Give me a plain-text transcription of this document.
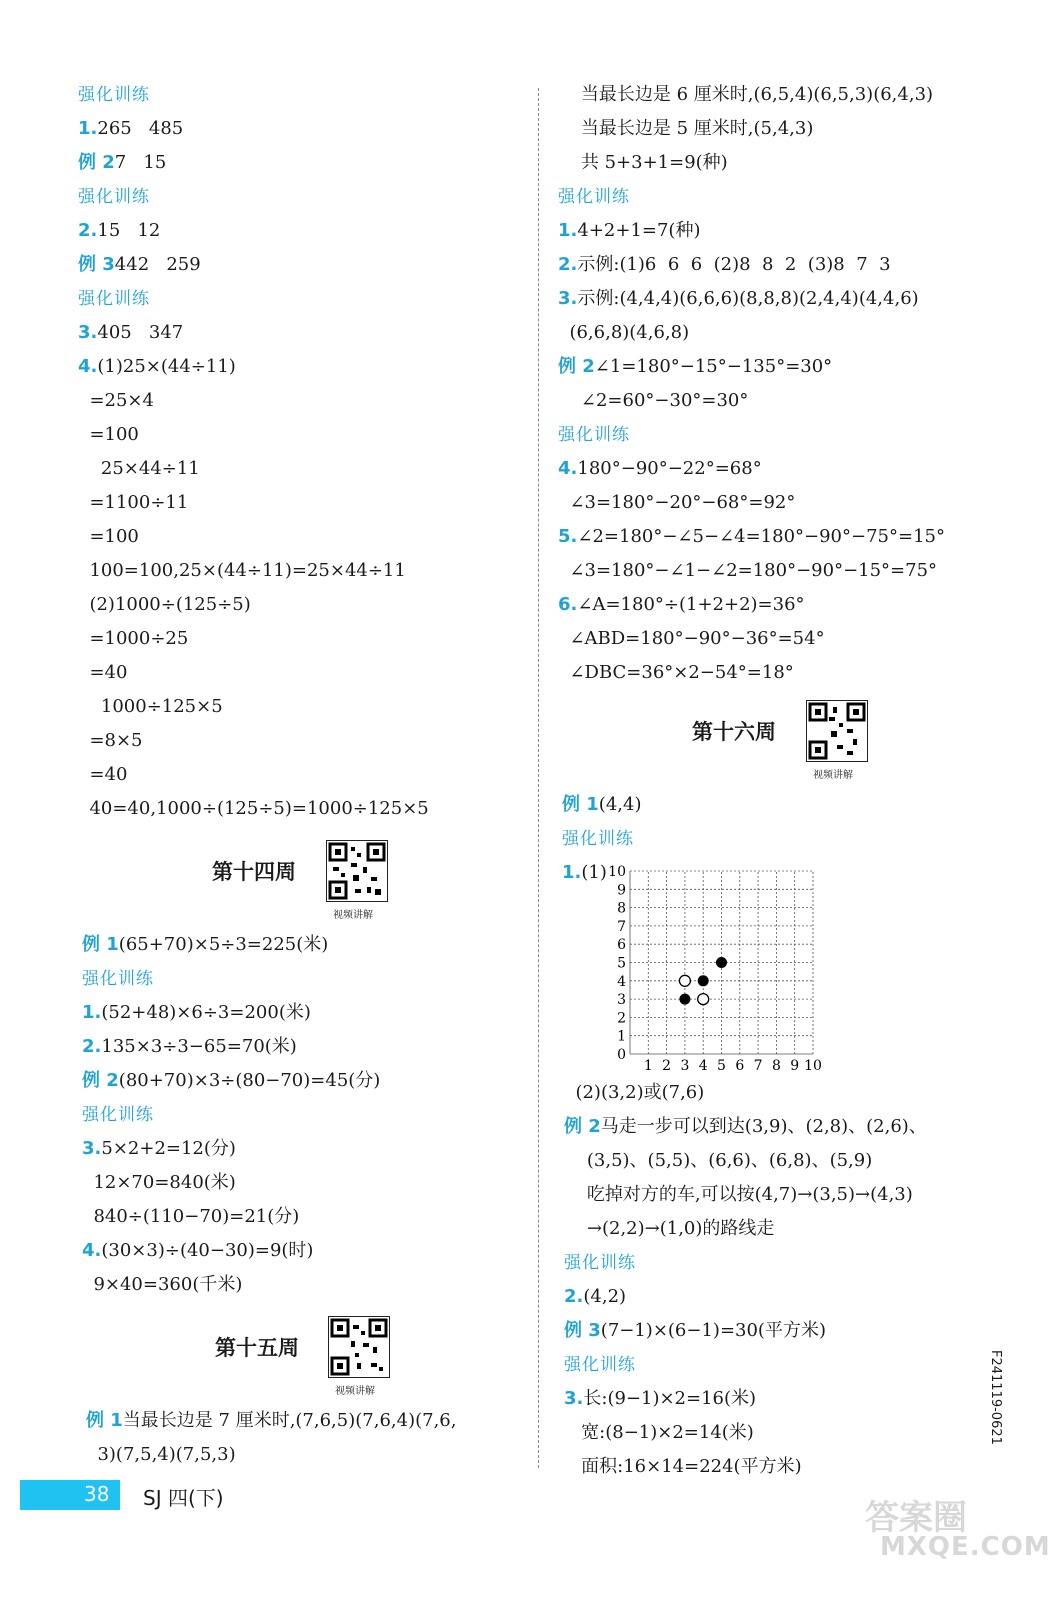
第十四周
视频讲解
第十五周
视频讲解
第十六周
视频讲解
0
1
2
3
4
5
6
7
8
9
10
1 2 3 4 5 6 7 8 9 10
38 SJ 四(下)
F241119-0621
答案圈
MXQE.COM
强化训练
1.265   485
例 27   15
强化训练
2.15   12
例 3442   259
强化训练
3.405   347
4.(1)25×(44÷11)
=25×4
=100
25×44÷11
=1100÷11
=100
100=100,25×(44÷11)=25×44÷11
(2)1000÷(125÷5)
=1000÷25
=40
1000÷125×5
=8×5
=40
40=40,1000÷(125÷5)=1000÷125×5
例 1(65+70)×5÷3=225(米)
强化训练
1.(52+48)×6÷3=200(米)
2.135×3÷3−65=70(米)
例 2(80+70)×3÷(80−70)=45(分)
强化训练
3.5×2+2=12(分)
12×70=840(米)
840÷(110−70)=21(分)
4.(30×3)÷(40−30)=9(时)
9×40=360(千米)
例 1当最长边是 7 厘米时,(7,6,5)(7,6,4)(7,6,
3)(7,5,4)(7,5,3)
当最长边是 6 厘米时,(6,5,4)(6,5,3)(6,4,3)
当最长边是 5 厘米时,(5,4,3)
共 5+3+1=9(种)
强化训练
1.4+2+1=7(种)
2.示例:(1)6  6  6  (2)8  8  2  (3)8  7  3
3.示例:(4,4,4)(6,6,6)(8,8,8)(2,4,4)(4,4,6)
(6,6,8)(4,6,8)
例 2∠1=180°−15°−135°=30°
∠2=60°−30°=30°
强化训练
4.180°−90°−22°=68°
∠3=180°−20°−68°=92°
5.∠2=180°−∠5−∠4=180°−90°−75°=15°
∠3=180°−∠1−∠2=180°−90°−15°=75°
6.∠A=180°÷(1+2+2)=36°
∠ABD=180°−90°−36°=54°
∠DBC=36°×2−54°=18°
例 1(4,4)
强化训练
1.(1)
(2)(3,2)或(7,6)
例 2马走一步可以到达(3,9)、(2,8)、(2,6)、
(3,5)、(5,5)、(6,6)、(6,8)、(5,9)
吃掉对方的车,可以按(4,7)→(3,5)→(4,3)
→(2,2)→(1,0)的路线走
强化训练
2.(4,2)
例 3(7−1)×(6−1)=30(平方米)
强化训练
3.长:(9−1)×2=16(米)
宽:(8−1)×2=14(米)
面积:16×14=224(平方米)
